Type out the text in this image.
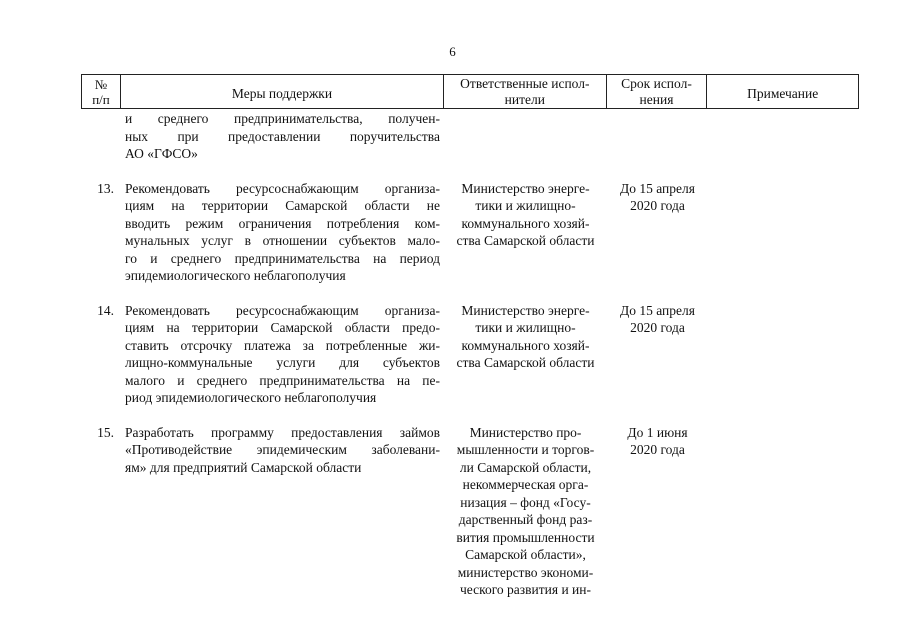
6
№
п/п	Меры поддержки
Ответственные испол-
нители
Срок испол-
нения	Примечание
и среднего предпринимательства, получен-
ных при предоставлении поручительства
АО «ГФСО»
13. Рекомендовать ресурсоснабжающим организа-
циям на территории Самарской области не
вводить режим ограничения потребления ком-
мунальных услуг в отношении субъектов мало-
го и среднего предпринимательства на период
эпидемиологического неблагополучия
Министерство энерге-
тики и жилищно-
коммунального хозяй-
ства Самарской области
До 15 апреля
2020 года
14. Рекомендовать ресурсоснабжающим организа-
циям на территории Самарской области предо-
ставить отсрочку платежа за потребленные жи-
лищно-коммунальные услуги для субъектов
малого и среднего предпринимательства на пе-
риод эпидемиологического неблагополучия
Министерство энерге-
тики и жилищно-
коммунального хозяй-
ства Самарской области
До 15 апреля
2020 года
15. Разработать программу предоставления займов
«Противодействие эпидемическим заболевани-
ям» для предприятий Самарской области
Министерство про-
мышленности и торгов-
ли Самарской области,
некоммерческая орга-
низация – фонд «Госу-
дарственный фонд раз-
вития промышленности
Самарской области»,
министерство экономи-
ческого развития и ин-
До 1 июня
2020 года
